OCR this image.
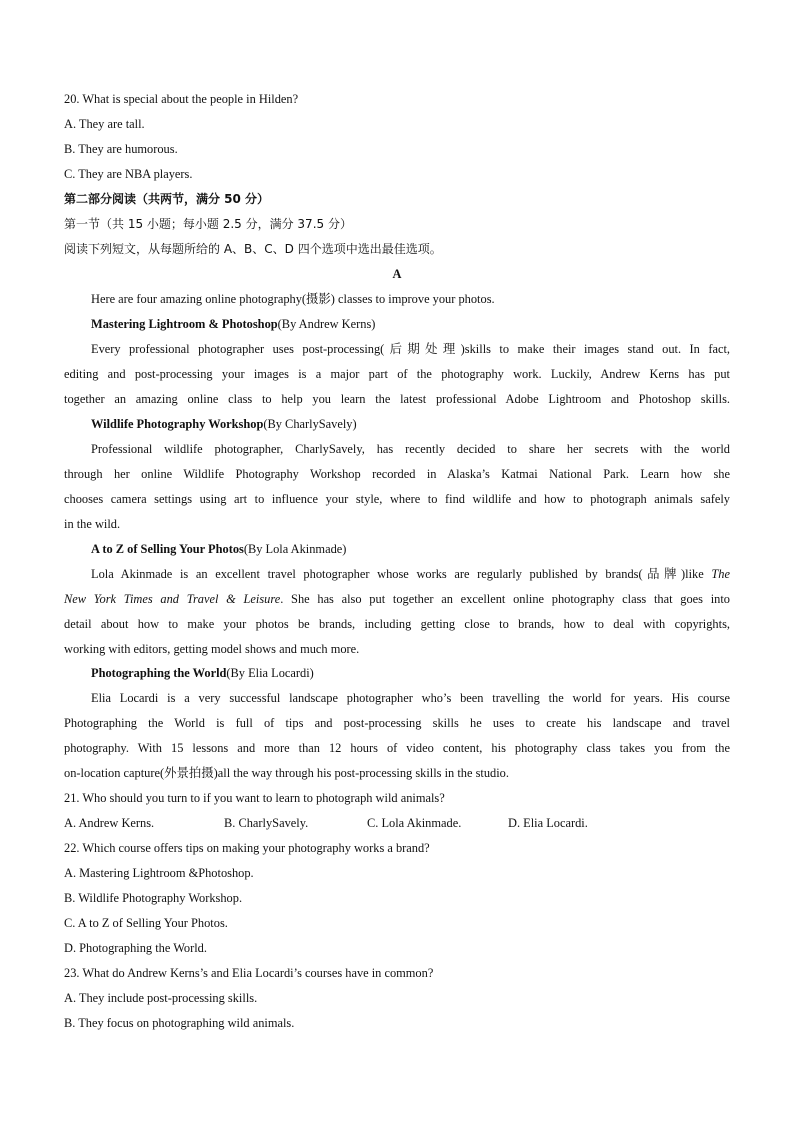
20. What is special about the people in Hilden?
A. They are tall.
B. They are humorous.
C. They are NBA players.
第二部分阅读（共两节，满分 50 分）
第一节（共 15 小题；每小题 2.5 分，满分 37.5 分）
阅读下列短文，从每题所给的 A、B、C、D 四个选项中选出最佳选项。
A
Here are four amazing online photography(摄影) classes to improve your photos.
Mastering Lightroom & Photoshop(By Andrew Kerns)
Every professional photographer uses post-processing(后期处理)skills to make their images stand out. In fact,
editing and post-processing your images is a major part of the photography work. Luckily, Andrew Kerns has put
together an amazing online class to help you learn the latest professional Adobe Lightroom and Photoshop skills.
Wildlife Photography Workshop(By CharlySavely)
Professional wildlife photographer, CharlySavely, has recently decided to share her secrets with the world
through her online Wildlife Photography Workshop recorded in Alaska’s Katmai National Park. Learn how she
chooses camera settings using art to influence your style, where to find wildlife and how to photograph animals safely
in the wild.
A to Z of Selling Your Photos(By Lola Akinmade)
Lola Akinmade is an excellent travel photographer whose works are regularly published by brands(品牌)like The
New York Times and Travel & Leisure. She has also put together an excellent online photography class that goes into
detail about how to make your photos be brands, including getting close to brands, how to deal with copyrights,
working with editors, getting model shows and much more.
Photographing the World(By Elia Locardi)
Elia Locardi is a very successful landscape photographer who’s been travelling the world for years. His course
Photographing the World is full of tips and post-processing skills he uses to create his landscape and travel
photography. With 15 lessons and more than 12 hours of video content, his photography class takes you from the
on-location capture(外景拍摄)all the way through his post-processing skills in the studio.
21. Who should you turn to if you want to learn to photograph wild animals?
A. Andrew Kerns.	B. CharlySavely.	C. Lola Akinmade.	D. Elia Locardi.
22. Which course offers tips on making your photography works a brand?
A. Mastering Lightroom &Photoshop.
B. Wildlife Photography Workshop.
C. A to Z of Selling Your Photos.
D. Photographing the World.
23. What do Andrew Kerns’s and Elia Locardi’s courses have in common?
A. They include post-processing skills.
B. They focus on photographing wild animals.
